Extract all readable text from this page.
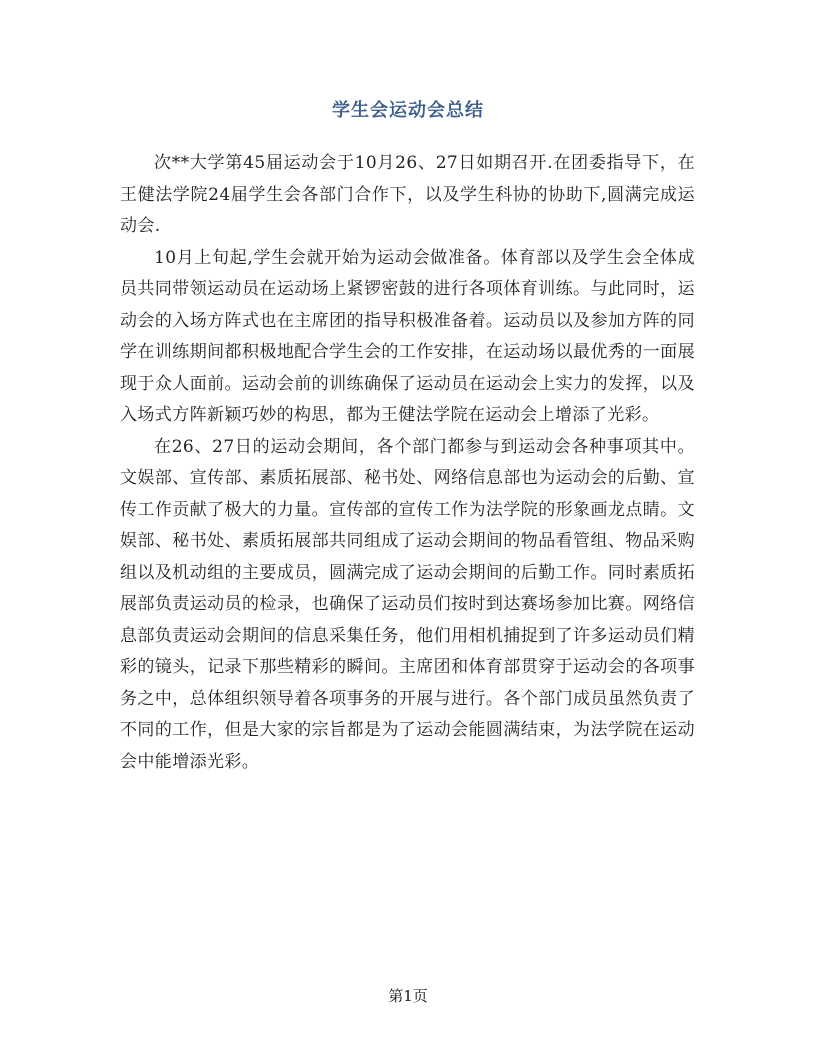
学生会运动会总结

次**大学第45届运动会于10月26、27日如期召开.在团委指导下，在王健法学院24届学生会各部门合作下，以及学生科协的协助下,圆满完成运动会.

10月上旬起,学生会就开始为运动会做准备。体育部以及学生会全体成员共同带领运动员在运动场上紧锣密鼓的进行各项体育训练。与此同时，运动会的入场方阵式也在主席团的指导积极准备着。运动员以及参加方阵的同学在训练期间都积极地配合学生会的工作安排，在运动场以最优秀的一面展现于众人面前。运动会前的训练确保了运动员在运动会上实力的发挥，以及入场式方阵新颖巧妙的构思，都为王健法学院在运动会上增添了光彩。

在26、27日的运动会期间，各个部门都参与到运动会各种事项其中。文娱部、宣传部、素质拓展部、秘书处、网络信息部也为运动会的后勤、宣传工作贡献了极大的力量。宣传部的宣传工作为法学院的形象画龙点睛。文娱部、秘书处、素质拓展部共同组成了运动会期间的物品看管组、物品采购组以及机动组的主要成员，圆满完成了运动会期间的后勤工作。同时素质拓展部负责运动员的检录，也确保了运动员们按时到达赛场参加比赛。网络信息部负责运动会期间的信息采集任务，他们用相机捕捉到了许多运动员们精彩的镜头，记录下那些精彩的瞬间。主席团和体育部贯穿于运动会的各项事务之中，总体组织领导着各项事务的开展与进行。各个部门成员虽然负责了不同的工作，但是大家的宗旨都是为了运动会能圆满结束，为法学院在运动会中能增添光彩。

第1页
